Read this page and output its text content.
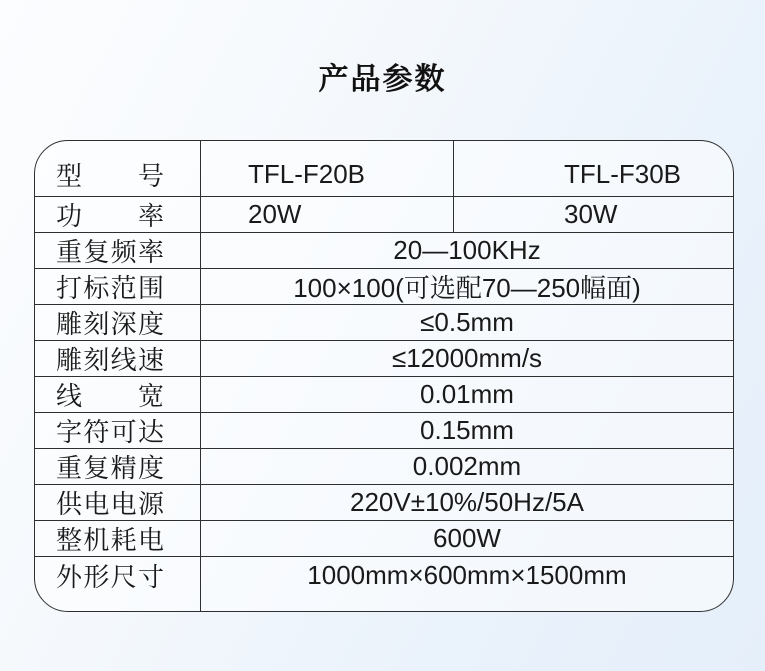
产品参数
型号	TFL-F20B	TFL-F30B
功率	20W	30W
重复频率	20—100KHz
打标范围	100×100(可选配70—250幅面)
雕刻深度	≤0.5mm
雕刻线速	≤12000mm/s
线宽	0.01mm
字符可达	0.15mm
重复精度	0.002mm
供电电源	220V±10%/50Hz/5A
整机耗电	600W
外形尺寸	1000mm×600mm×1500mm
